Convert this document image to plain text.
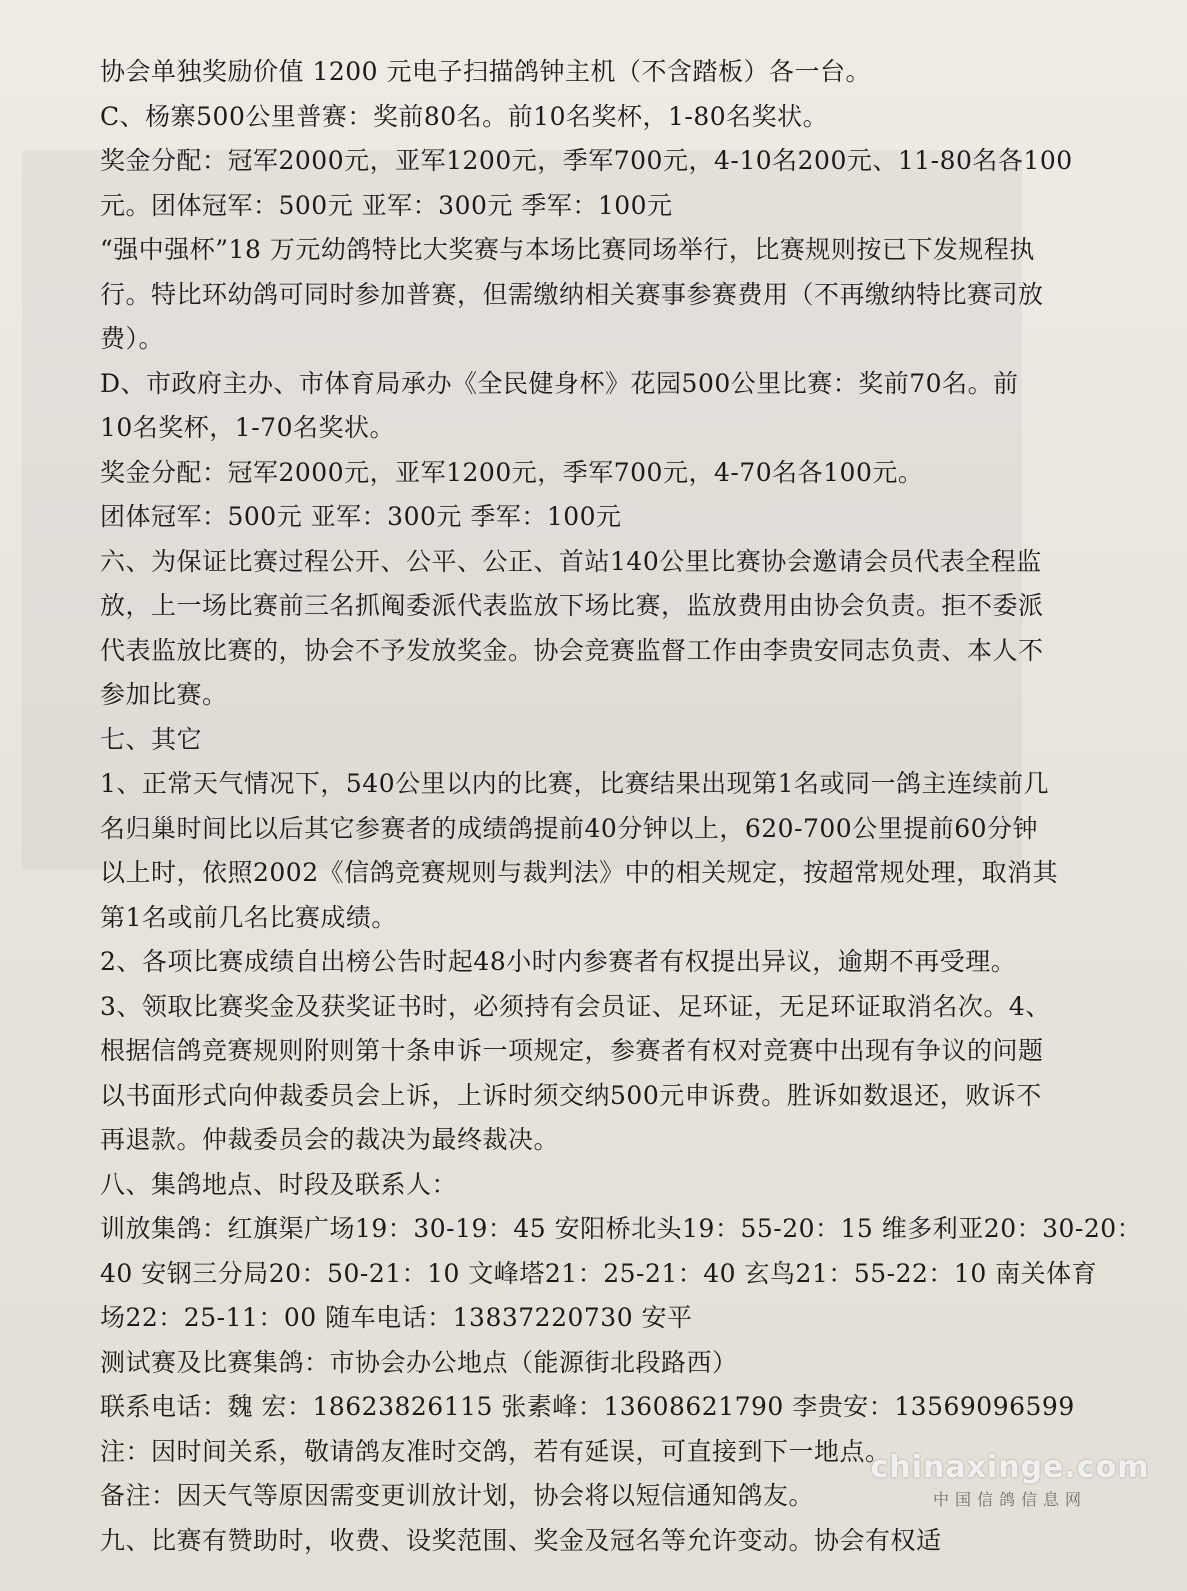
协会单独奖励价值 1200 元电子扫描鸽钟主机（不含踏板）各一台。
C、杨寨500公里普赛：奖前80名。前10名奖杯，1-80名奖状。
奖金分配：冠军2000元，亚军1200元，季军700元，4-10名200元、11-80名各100
元。团体冠军：500元 亚军：300元 季军：100元
“强中强杯”18 万元幼鸽特比大奖赛与本场比赛同场举行，比赛规则按已下发规程执
行。特比环幼鸽可同时参加普赛，但需缴纳相关赛事参赛费用（不再缴纳特比赛司放
费）。
D、市政府主办、市体育局承办《全民健身杯》花园500公里比赛：奖前70名。前
10名奖杯，1-70名奖状。
奖金分配：冠军2000元，亚军1200元，季军700元，4-70名各100元。
团体冠军：500元 亚军：300元 季军：100元
六、为保证比赛过程公开、公平、公正、首站140公里比赛协会邀请会员代表全程监
放，上一场比赛前三名抓阄委派代表监放下场比赛，监放费用由协会负责。拒不委派
代表监放比赛的，协会不予发放奖金。协会竞赛监督工作由李贵安同志负责、本人不
参加比赛。
七、其它
1、正常天气情况下，540公里以内的比赛，比赛结果出现第1名或同一鸽主连续前几
名归巢时间比以后其它参赛者的成绩鸽提前40分钟以上，620-700公里提前60分钟
以上时，依照2002《信鸽竞赛规则与裁判法》中的相关规定，按超常规处理，取消其
第1名或前几名比赛成绩。
2、各项比赛成绩自出榜公告时起48小时内参赛者有权提出异议，逾期不再受理。
3、领取比赛奖金及获奖证书时，必须持有会员证、足环证，无足环证取消名次。4、
根据信鸽竞赛规则附则第十条申诉一项规定，参赛者有权对竞赛中出现有争议的问题
以书面形式向仲裁委员会上诉，上诉时须交纳500元申诉费。胜诉如数退还，败诉不
再退款。仲裁委员会的裁决为最终裁决。
八、集鸽地点、时段及联系人：
训放集鸽：红旗渠广场19：30-19：45 安阳桥北头19：55-20：15 维多利亚20：30-20：
40 安钢三分局20：50-21：10 文峰塔21：25-21：40 玄鸟21：55-22：10 南关体育
场22：25-11：00 随车电话：13837220730 安平
测试赛及比赛集鸽：市协会办公地点（能源街北段路西）
联系电话：魏 宏：18623826115 张素峰：13608621790 李贵安：13569096599
注：因时间关系，敬请鸽友准时交鸽，若有延误，可直接到下一地点。
备注：因天气等原因需变更训放计划，协会将以短信通知鸽友。
九、比赛有赞助时，收费、设奖范围、奖金及冠名等允许变动。协会有权适
chinaxinge.com
中国信鸽信息网
